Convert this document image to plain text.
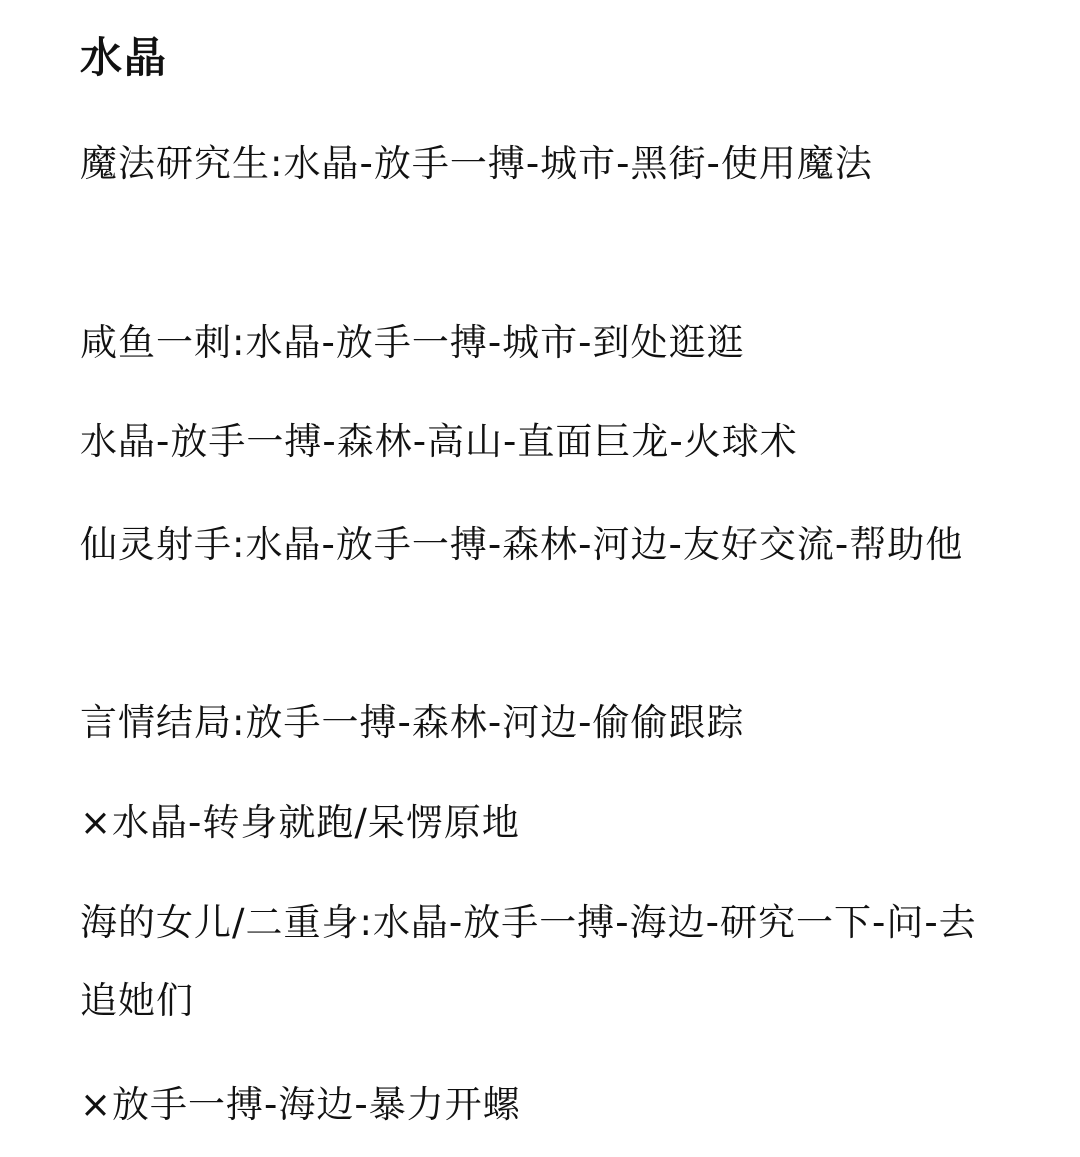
水晶
魔法研究生:水晶-放手一搏-城市-黑街-使用魔法
咸鱼一刺:水晶-放手一搏-城市-到处逛逛
水晶-放手一搏-森林-高山-直面巨龙-火球术
仙灵射手:水晶-放手一搏-森林-河边-友好交流-帮助他
言情结局:放手一搏-森林-河边-偷偷跟踪
×水晶-转身就跑/呆愣原地
海的女儿/二重身:水晶-放手一搏-海边-研究一下-问-去追她们
×放手一搏-海边-暴力开螺
